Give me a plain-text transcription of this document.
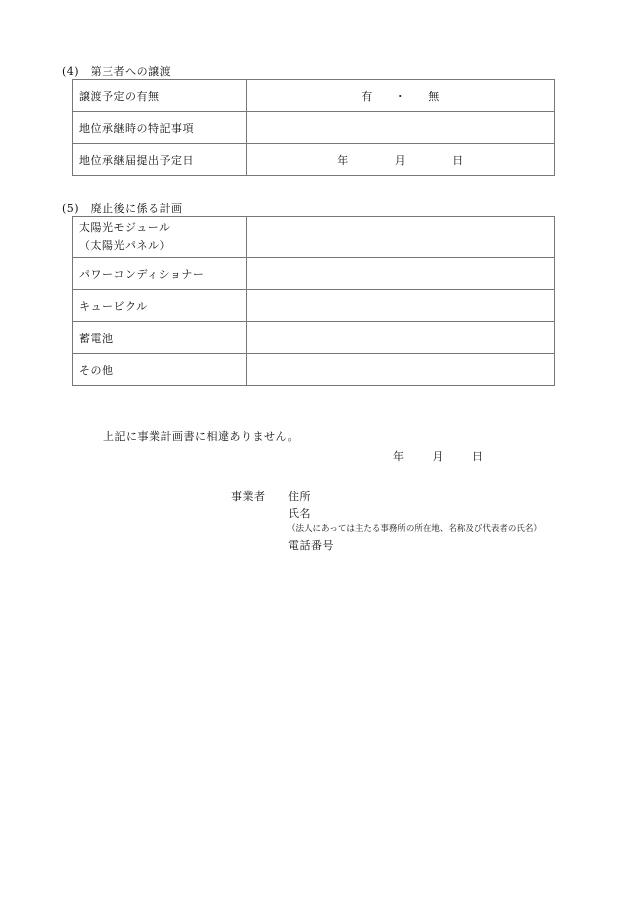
(4)　第三者への譲渡
譲渡予定の有無	有 ・ 無
地位承継時の特記事項	
地位承継届提出予定日	年 月 日
(5)　廃止後に係る計画
太陽光モジュール
（太陽光パネル）	

パワーコンディショナー	
キュービクル	
蓄電池	
その他	
上記に事業計画書に相違ありません。
年	月	日
事業者 住所
氏名
（法人にあっては主たる事務所の所在地、名称及び代表者の氏名）
電話番号
